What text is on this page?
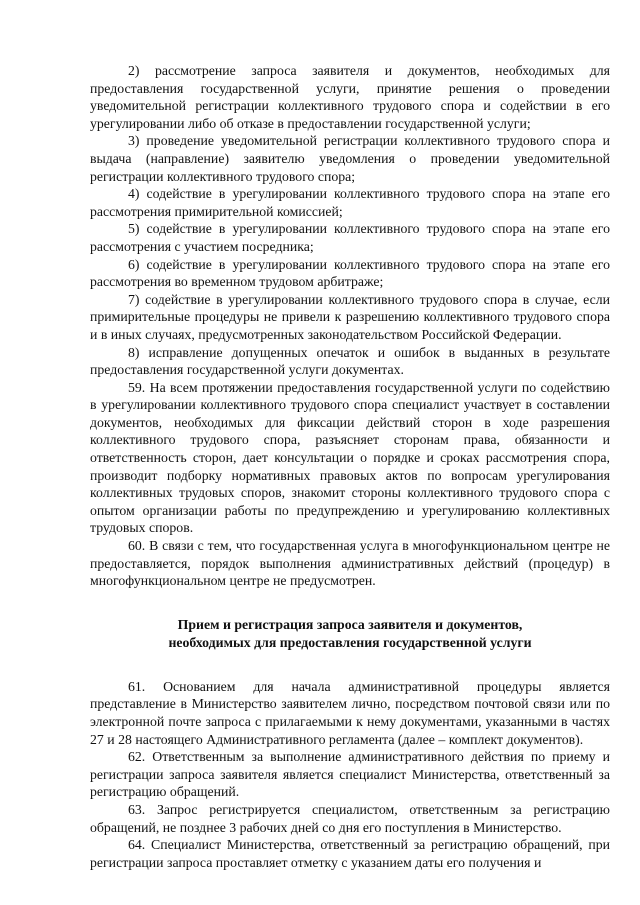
2) рассмотрение запроса заявителя и документов, необходимых для предоставления государственной услуги, принятие решения о проведении уведомительной регистрации коллективного трудового спора и содействии в его урегулировании либо об отказе в предоставлении государственной услуги;

3) проведение уведомительной регистрации коллективного трудового спора и выдача (направление) заявителю уведомления о проведении уведомительной регистрации коллективного трудового спора;

4) содействие в урегулировании коллективного трудового спора на этапе его рассмотрения примирительной комиссией;

5) содействие в урегулировании коллективного трудового спора на этапе его рассмотрения с участием посредника;

6) содействие в урегулировании коллективного трудового спора на этапе его рассмотрения во временном трудовом арбитраже;

7) содействие в урегулировании коллективного трудового спора в случае, если примирительные процедуры не привели к разрешению коллективного трудового спора и в иных случаях, предусмотренных законодательством Российской Федерации.

8) исправление допущенных опечаток и ошибок в выданных в результате предоставления государственной услуги документах.

59. На всем протяжении предоставления государственной услуги по содействию в урегулировании коллективного трудового спора специалист участвует в составлении документов, необходимых для фиксации действий сторон в ходе разрешения коллективного трудового спора, разъясняет сторонам права, обязанности и ответственность сторон, дает консультации о порядке и сроках рассмотрения спора, производит подборку нормативных правовых актов по вопросам урегулирования коллективных трудовых споров, знакомит стороны коллективного трудового спора с опытом организации работы по предупреждению и урегулированию коллективных трудовых споров.

60. В связи с тем, что государственная услуга в многофункциональном центре не предоставляется, порядок выполнения административных действий (процедур) в многофункциональном центре не предусмотрен.

Прием и регистрация запроса заявителя и документов,
необходимых для предоставления государственной услуги

61. Основанием для начала административной процедуры является представление в Министерство заявителем лично, посредством почтовой связи или по электронной почте запроса с прилагаемыми к нему документами, указанными в частях 27 и 28 настоящего Административного регламента (далее – комплект документов).

62. Ответственным за выполнение административного действия по приему и регистрации запроса заявителя является специалист Министерства, ответственный за регистрацию обращений.

63. Запрос регистрируется специалистом, ответственным за регистрацию обращений, не позднее 3 рабочих дней со дня его поступления в Министерство.

64. Специалист Министерства, ответственный за регистрацию обращений, при регистрации запроса проставляет отметку с указанием даты его получения и
